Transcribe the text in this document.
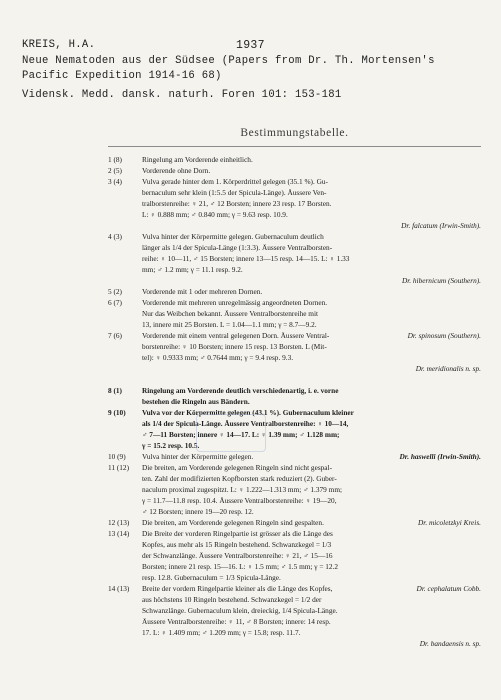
KREIS, H.A.	1937
Neue Nematoden aus der Südsee (Papers from Dr. Th. Mortensen's
Pacific Expedition 1914-16 68)
Vidensk. Medd. dansk. naturh. Foren 101: 153-181
Bestimmungstabelle.
1 (8)	Ringelung am Vorderende einheitlich.
2 (5)	Vorderende ohne Dorn.
3 (4)	Vulva gerade hinter dem 1. Körperdrittel gelegen (35.1 %). Gu-
bernaculum sehr klein (1:5.5 der Spicula-Länge). Äussere Ven-
tralborstenreihe: ♀ 21, ♂ 12 Borsten; innere 23 resp. 17 Borsten.
L: ♀ 0.888 mm; ♂ 0.840 mm; γ = 9.63 resp. 10.9.
Dr. falcatum (Irwin-Smith).
4 (3)	Vulva hinter der Körpermitte gelegen. Gubernaculum deutlich
länger als 1/4 der Spicula-Länge (1:3.3). Äussere Ventralborsten-
reihe: ♀ 10—11, ♂ 15 Borsten; innere 13—15 resp. 14—15. L: ♀ 1.33
mm; ♂ 1.2 mm; γ = 11.1 resp. 9.2.
Dr. hibernicum (Southern).
5 (2)	Vorderende mit 1 oder mehreren Dornen.
6 (7)	Vorderende mit mehreren unregelmässig angeordneten Dornen.
Nur das Weibchen bekannt. Äussere Ventralborstenreihe mit
13, innere mit 25 Borsten. L = 1.04—1.1 mm; γ = 8.7—9.2.
Dr. spinosum (Southern).
7 (6)	Vorderende mit einem ventral gelegenen Dorn. Äussere Ventral-
borstenreihe: ♀ 10 Borsten; innere 15 resp. 13 Borsten. L (Mit-
tel): ♀ 0.9333 mm; ♂ 0.7644 mm; γ = 9.4 resp. 9.3.
Dr. meridionalis n. sp.
8 (1)	Ringelung am Vorderende deutlich verschiedenartig, i. e. vorne
bestehen die Ringeln aus Bändern.
9 (10)	Vulva vor der Körpermitte gelegen (43.1 %). Gubernaculum kleiner
als 1/4 der Spicula-Länge. Äussere Ventralborstenreihe: ♀ 10—14,
♂ 7—11 Borsten; innere ♀ 14—17. L: ♀ 1.39 mm; ♂ 1.128 mm;
γ = 15.2 resp. 10.5.
Dr. haswelli (Irwin-Smith).
10 (9)	Vulva hinter der Körpermitte gelegen.
11 (12)	Die breiten, am Vorderende gelegenen Ringeln sind nicht gespal-
ten. Zahl der modifizierten Kopfborsten stark reduziert (2). Guber-
naculum proximal zugespitzt. L: ♀ 1.222—1.313 mm; ♂ 1.379 mm;
γ = 11.7—11.8 resp. 10.4. Äussere Ventralborstenreihe: ♀ 19—20,
♂ 12 Borsten; innere 19—20 resp. 12.
Dr. micoletzkyi Kreis.
12 (13)	Die breiten, am Vorderende gelegenen Ringeln sind gespalten.
13 (14)	Die Breite der vorderen Ringelpartie ist grösser als die Länge des
Kopfes, aus mehr als 15 Ringeln bestehend. Schwanzkegel = 1/3
der Schwanzlänge. Äussere Ventralborstenreihe: ♀ 21, ♂ 15—16
Borsten; innere 21 resp. 15—16. L: ♀ 1.5 mm; ♂ 1.5 mm; γ = 12.2
resp. 12.8. Gubernaculum = 1/3 Spicula-Länge.
Dr. cephalatum Cobb.
14 (13)	Breite der vordern Ringelpartie kleiner als die Länge des Kopfes,
aus höchstens 10 Ringeln bestehend. Schwanzkegel = 1/2 der
Schwanzlänge. Gubernaculum klein, dreieckig, 1/4 Spicula-Länge.
Äussere Ventralborstenreihe: ♀ 11, ♂ 8 Borsten; innere: 14 resp.
17. L: ♀ 1.409 mm; ♂ 1.209 mm; γ = 15.8; resp. 11.7.
Dr. bandaensis n. sp.
